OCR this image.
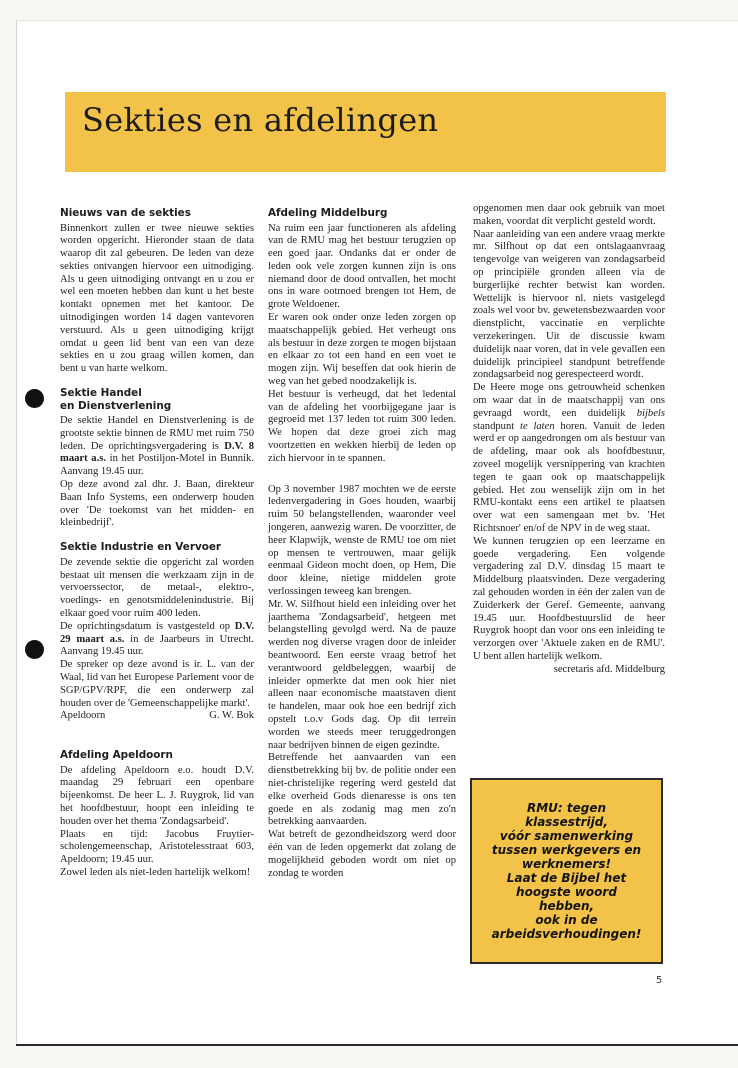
Sekties en afdelingen
Nieuws van de sekties

Binnenkort zullen er twee nieuwe sekties worden opgericht. Hieronder staan de data waarop dit zal gebeuren. De leden van deze sekties ontvangen hiervoor een uitnodiging. Als u geen uitnodiging ontvangt en u zou er wel een moeten hebben dan kunt u het beste kontakt opnemen met het kantoor. De uitnodigingen worden 14 dagen vantevoren verstuurd. Als u geen uitnodiging krijgt omdat u geen lid bent van een van deze sekties en u zou graag willen komen, dan bent u van harte welkom.

Sektie Handel
en Dienstverlening

De sektie Handel en Dienstverlening is de grootste sektie binnen de RMU met ruim 750 leden. De oprichtingsvergadering is D.V. 8 maart a.s. in het Postiljon-Motel in Bunnik. Aanvang 19.45 uur.

Op deze avond zal dhr. J. Baan, direkteur Baan Info Systems, een onderwerp houden over 'De toekomst van het midden- en kleinbedrijf'.

Sektie Industrie en Vervoer

De zevende sektie die opgericht zal worden bestaat uit mensen die werkzaam zijn in de vervoerssector, de metaal-, elektro-, voedings- en genotsmiddelenindustrie. Bij elkaar goed voor ruim 400 leden.

De oprichtingsdatum is vastgesteld op D.V. 29 maart a.s. in de Jaarbeurs in Utrecht. Aanvang 19.45 uur.

De spreker op deze avond is ir. L. van der Waal, lid van het Europese Parlement voor de SGP/GPV/RPF, die een onderwerp zal houden over de 'Gemeenschappelijke markt'.

Apeldoorn	G. W. Bok
Afdeling Apeldoorn

De afdeling Apeldoorn e.o. houdt D.V. maandag 29 februari een openbare bijeenkomst. De heer L. J. Ruygrok, lid van het hoofdbestuur, hoopt een inleiding te houden over het thema 'Zondagsarbeid'.

Plaats en tijd: Jacobus Fruytier-scholengemeenschap, Aristotelesstraat 603, Apeldoorn; 19.45 uur.

Zowel leden als niet-leden hartelijk welkom!

Afdeling Middelburg

Na ruim een jaar functioneren als afdeling van de RMU mag het bestuur terugzien op een goed jaar. Ondanks dat er onder de leden ook vele zorgen kunnen zijn is ons niemand door de dood ontvallen, het mocht ons in ware ootmoed brengen tot Hem, de grote Weldoener.

Er waren ook onder onze leden zorgen op maatschappelijk gebied. Het verheugt ons als bestuur in deze zorgen te mogen bijstaan en elkaar zo tot een hand en een voet te mogen zijn. Wij beseffen dat ook hierin de weg van het gebed noodzakelijk is.

Het bestuur is verheugd, dat het ledental van de afdeling het voorbijgegane jaar is gegroeid met 137 leden tot ruim 300 leden. We hopen dat deze groei zich mag voortzetten en wekken hierbij de leden op zich hiervoor in te spannen.

Op 3 november 1987 mochten we de eerste ledenvergadering in Goes houden, waarbij ruim 50 belangstellenden, waaronder veel jongeren, aanwezig waren. De voorzitter, de heer Klapwijk, wenste de RMU toe om niet op mensen te vertrouwen, maar gelijk eenmaal Gideon mocht doen, op Hem, Die door kleine, nietige middelen grote verlossingen teweeg kan brengen.

Mr. W. Silfhout hield een inleiding over het jaarthema 'Zondagsarbeid', hetgeen met belangstelling gevolgd werd. Na de pauze werden nog diverse vragen door de inleider beantwoord. Een eerste vraag betrof het verantwoord geldbeleggen, waarbij de inleider opmerkte dat men ook hier niet alleen naar economische maatstaven dient te handelen, maar ook hoe een bedrijf zich opstelt t.o.v Gods dag. Op dit terrein worden we steeds meer teruggedrongen naar bedrijven binnen de eigen gezindte.

Betreffende het aanvaarden van een dienstbetrekking bij bv. de politie onder een niet-christelijke regering werd gesteld dat elke overheid Gods dienaresse is ons ten goede en als zodanig mag men zo'n betrekking aanvaarden.

Wat betreft de gezondheidszorg werd door één van de leden opgemerkt dat zolang de mogelijkheid geboden wordt om niet op zondag te worden

opgenomen men daar ook gebruik van moet maken, voordat dit verplicht gesteld wordt.

Naar aanleiding van een andere vraag merkte mr. Silfhout op dat een ontslagaanvraag tengevolge van weigeren van zondagsarbeid op principiële gronden alleen via de burgerlijke rechter betwist kan worden. Wettelijk is hiervoor nl. niets vastgelegd zoals wel voor bv. gewetensbezwaarden voor dienstplicht, vaccinatie en verplichte verzekeringen. Uit de discussie kwam duidelijk naar voren, dat in vele gevallen een duidelijk principieel standpunt betreffende zondagsarbeid nog gerespecteerd wordt.

De Heere moge ons getrouwheid schenken om waar dat in de maatschappij van ons gevraagd wordt, een duidelijk bijbels standpunt te laten horen. Vanuit de leden werd er op aangedrongen om als bestuur van de afdeling, maar ook als hoofdbestuur, zoveel mogelijk versnippering van krachten tegen te gaan ook op maatschappelijk gebied. Het zou wenselijk zijn om in het RMU-kontakt eens een artikel te plaatsen over wat een samengaan met bv. 'Het Richtsnoer' en/of de NPV in de weg staat.

We kunnen terugzien op een leerzame en goede vergadering. Een volgende vergadering zal D.V. dinsdag 15 maart te Middelburg plaatsvinden. Deze vergadering zal gehouden worden in één der zalen van de Zuiderkerk der Geref. Gemeente, aanvang 19.45 uur. Hoofdbestuurslid de heer Ruygrok hoopt dan voor ons een inleiding te verzorgen over 'Aktuele zaken en de RMU'. U bent allen hartelijk welkom.

secretaris afd. Middelburg

RMU: tegen
klassestrijd,
vóór samenwerking
tussen werkgevers en
werknemers!
Laat de Bijbel het
hoogste woord
hebben,
ook in de
arbeidsverhoudingen!

5
